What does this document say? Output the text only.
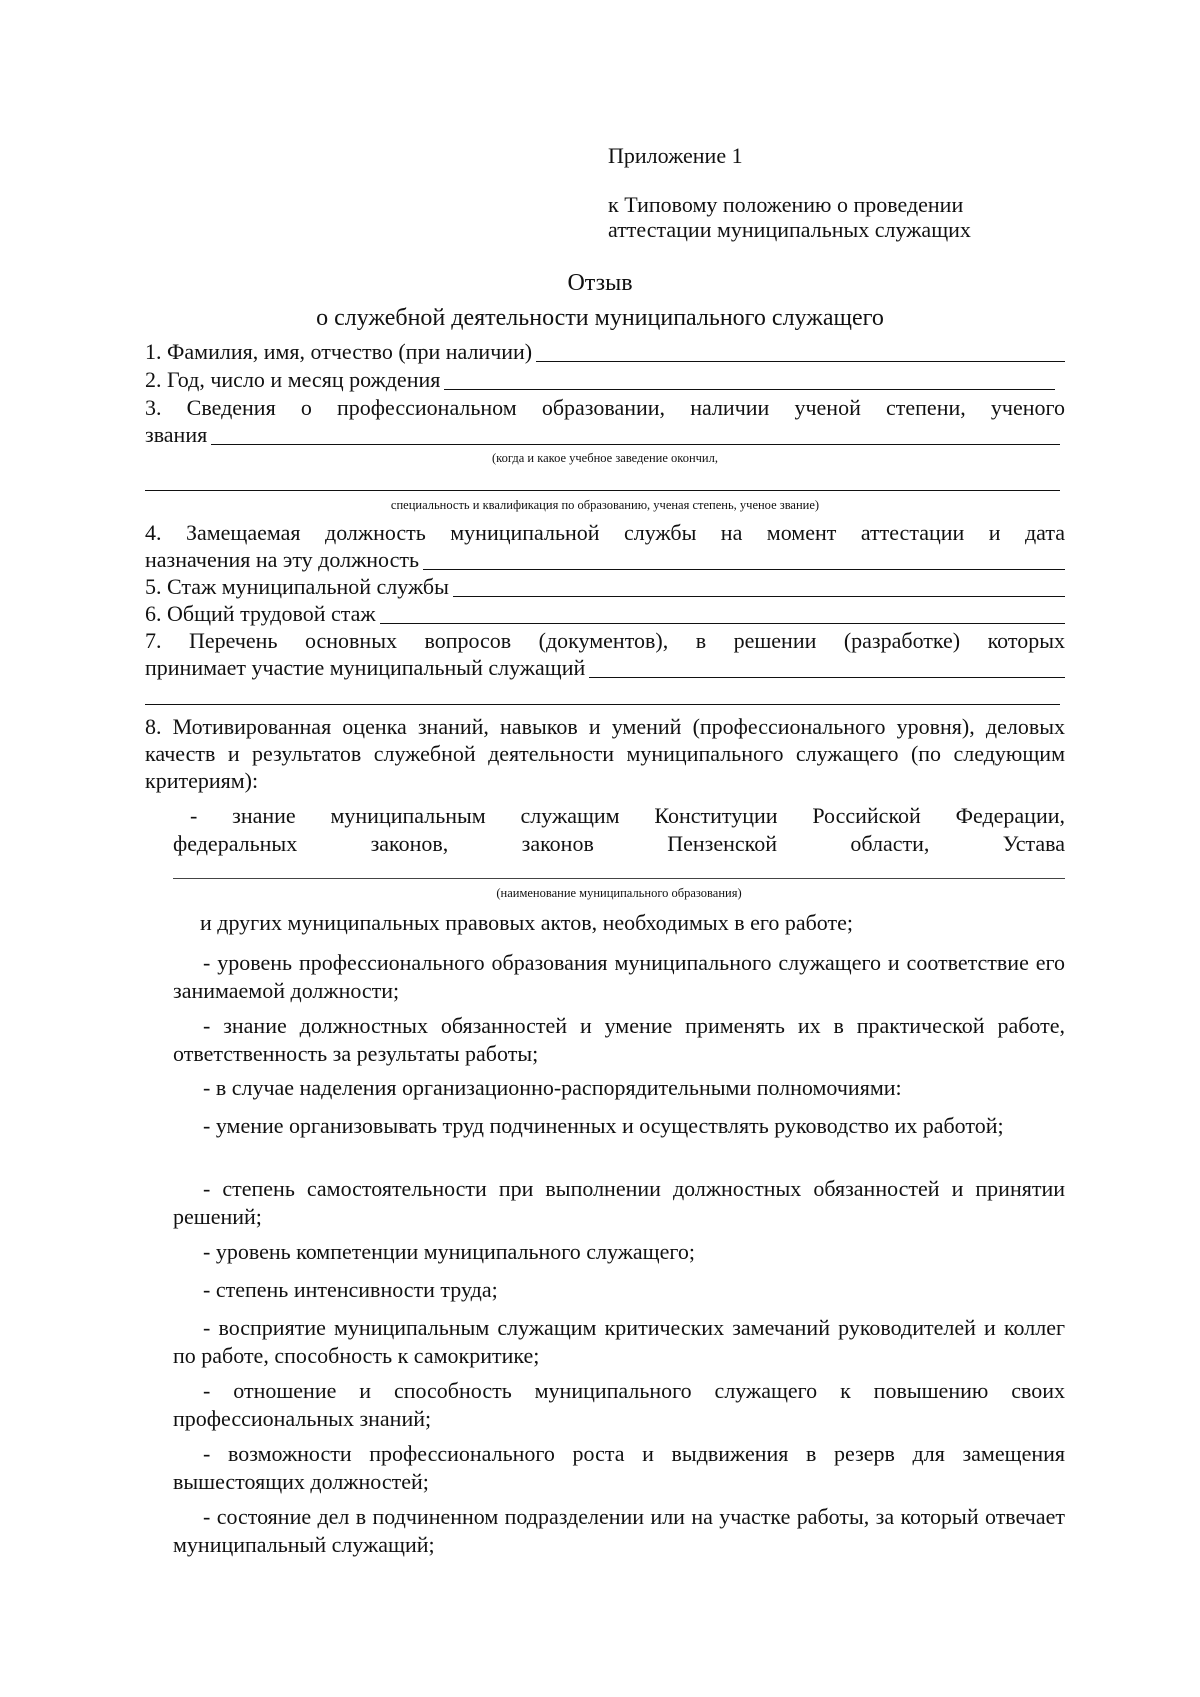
Приложение 1
к Типовому положению о проведении
аттестации муниципальных служащих
Отзыв
о служебной деятельности муниципального служащего
1. Фамилия, имя, отчество (при наличии)
2. Год, число и месяц рождения
3. Сведения о профессиональном образовании, наличии ученой степени, ученого
звания
(когда и какое учебное заведение окончил,
специальность и квалификация по образованию, ученая степень, ученое звание)
4. Замещаемая должность муниципальной службы на момент аттестации и дата
назначения на эту должность
5. Стаж муниципальной службы
6. Общий трудовой стаж
7. Перечень основных вопросов (документов), в решении (разработке) которых
принимает участие муниципальный служащий
8. Мотивированная оценка знаний, навыков и умений (профессионального уровня), деловых качеств и результатов служебной деятельности муниципального служащего (по следующим критериям):
- знание муниципальным служащим Конституции Российской Федерации,
федеральных законов, законов Пензенской области, Устава
(наименование муниципального образования)
и других муниципальных правовых актов, необходимых в его работе;
- уровень профессионального образования муниципального служащего и соответствие его занимаемой должности;
- знание должностных обязанностей и умение применять их в практической работе, ответственность за результаты работы;
- в случае наделения организационно-распорядительными полномочиями:
- умение организовывать труд подчиненных и осуществлять руководство их работой;
- степень самостоятельности при выполнении должностных обязанностей и принятии решений;
- уровень компетенции муниципального служащего;
- степень интенсивности труда;
- восприятие муниципальным служащим критических замечаний руководителей и коллег по работе, способность к самокритике;
- отношение и способность муниципального служащего к повышению своих профессиональных знаний;
- возможности профессионального роста и выдвижения в резерв для замещения вышестоящих должностей;
- состояние дел в подчиненном подразделении или на участке работы, за который отвечает муниципальный служащий;
